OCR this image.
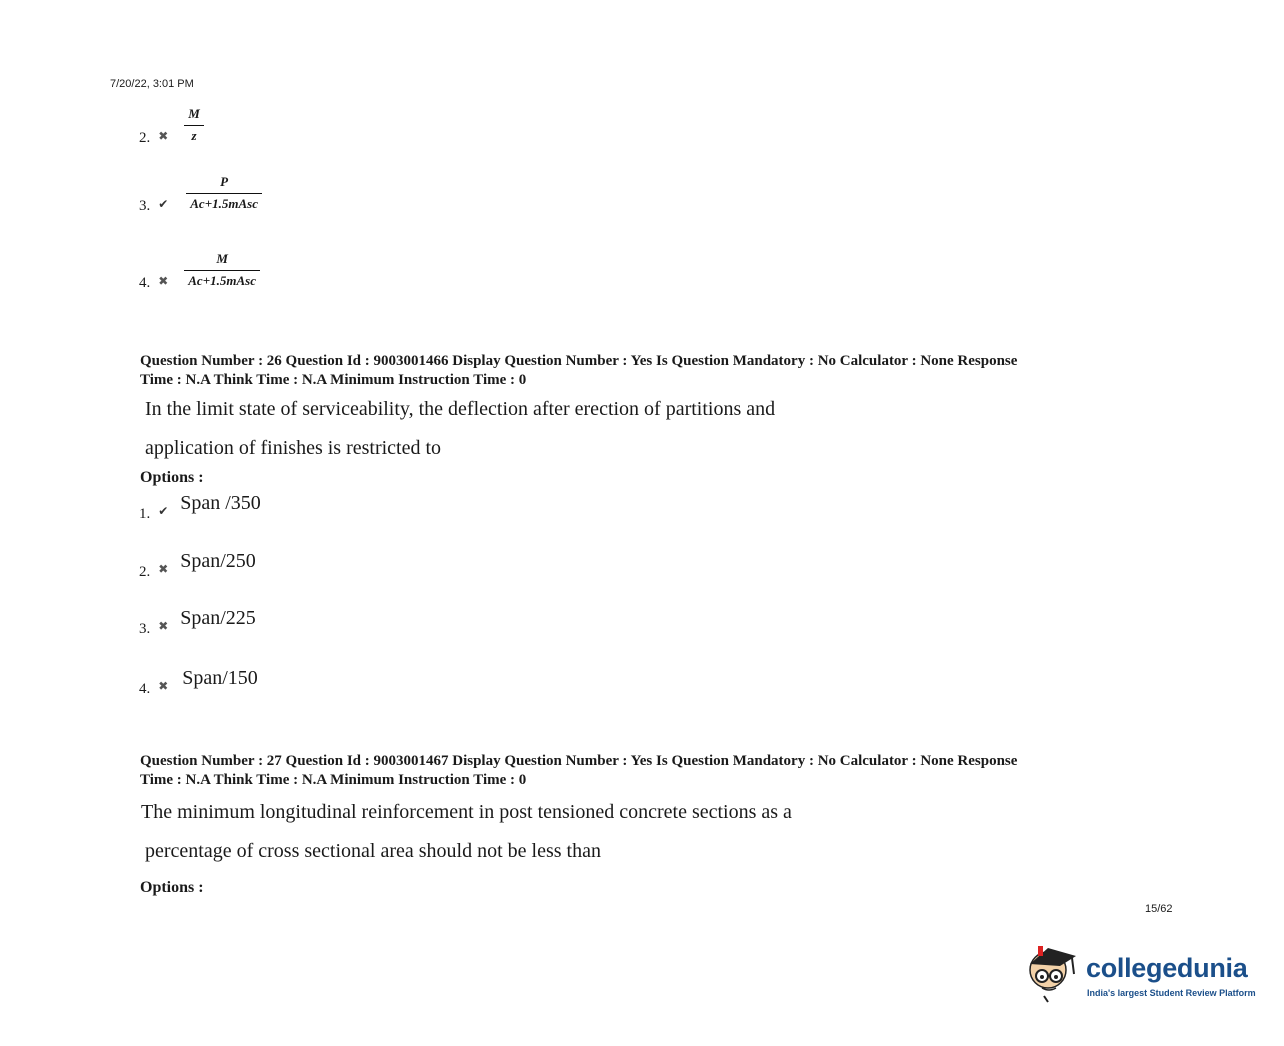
7/20/22, 3:01 PM
2. ✖ $\frac{M}{z}$
3. ✔ $\frac{P}{\text{Ac+1.5mAsc}}$
4. ✖ $\frac{M}{\text{Ac+1.5mAsc}}$
Question Number : 26 Question Id : 9003001466 Display Question Number : Yes Is Question Mandatory : No Calculator : None Response
Time : N.A Think Time : N.A Minimum Instruction Time : 0
In the limit state of serviceability, the deflection after erection of partitions and
application of finishes is restricted to
Options :
1. ✔ Span /350
2. ✖ Span/250
3. ✖ Span/225
4. ✖ Span/150
Question Number : 27 Question Id : 9003001467 Display Question Number : Yes Is Question Mandatory : No Calculator : None Response
Time : N.A Think Time : N.A Minimum Instruction Time : 0
The minimum longitudinal reinforcement in post tensioned concrete sections as a
percentage of cross sectional area should not be less than
Options :
15/62
collegedunia
India's largest Student Review Platform
